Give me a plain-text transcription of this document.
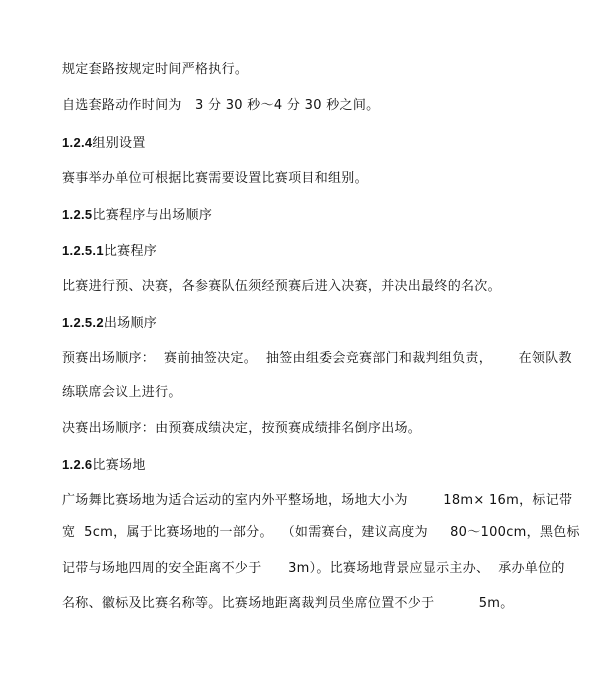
规定套路按规定时间严格执行。
自选套路动作时间为   3 分 30 秒～4 分 30 秒之间。
1.2.4组别设置
赛事举办单位可根据比赛需要设置比赛项目和组别。
1.2.5比赛程序与出场顺序
1.2.5.1比赛程序
比赛进行预、决赛，各参赛队伍须经预赛后进入决赛，并决出最终的名次。
1.2.5.2出场顺序
预赛出场顺序：  赛前抽签决定。  抽签由组委会竞赛部门和裁判组负责，      在领队教
练联席会议上进行。
决赛出场顺序：由预赛成绩决定，按预赛成绩排名倒序出场。
1.2.6比赛场地
广场舞比赛场地为适合运动的室内外平整场地，场地大小为        18m× 16m，标记带
宽  5cm，属于比赛场地的一部分。  （如需赛台，建议高度为     80～100cm，黑色标
记带与场地四周的安全距离不少于      3m）。比赛场地背景应显示主办、  承办单位的
名称、徽标及比赛名称等。比赛场地距离裁判员坐席位置不少于          5m。
